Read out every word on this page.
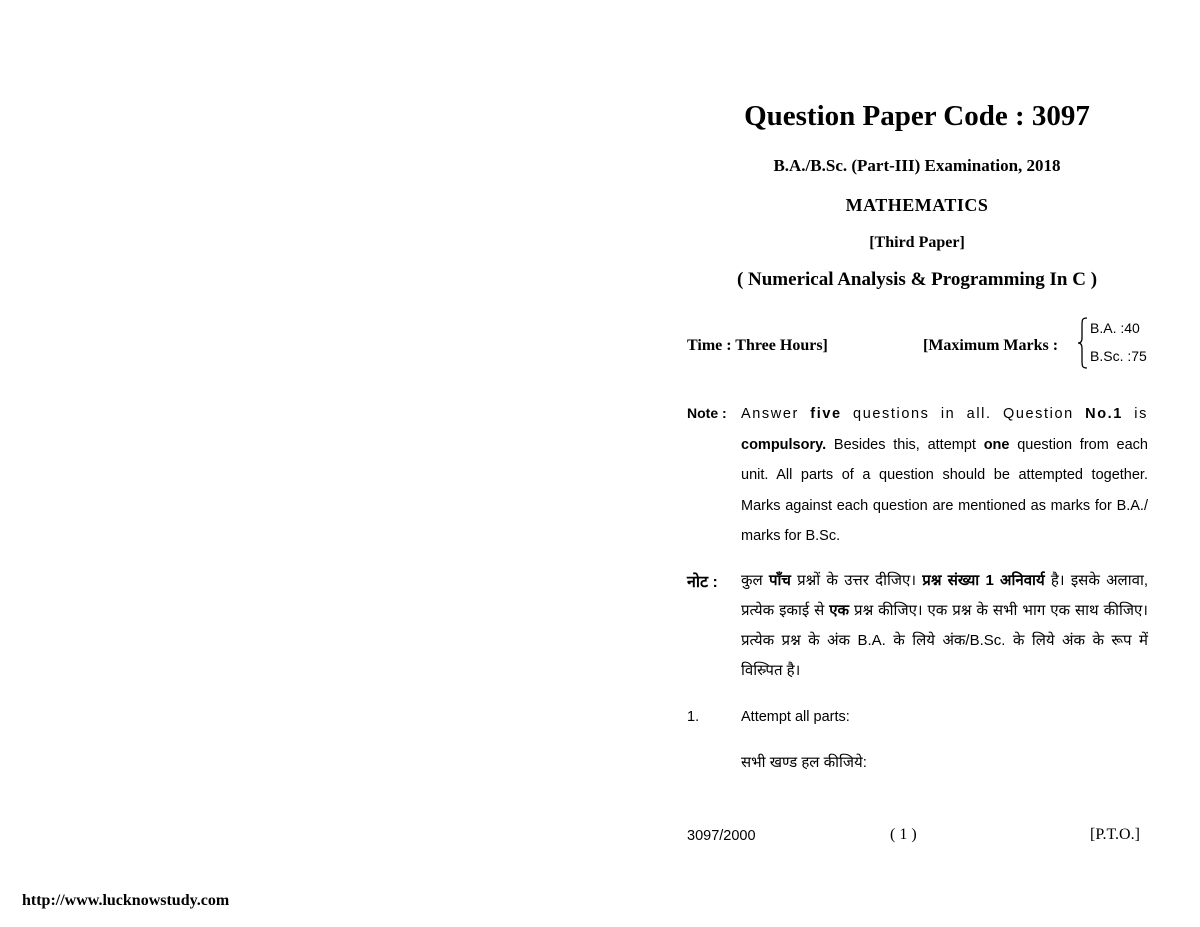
Question Paper Code : 3097
B.A./B.Sc. (Part-III) Examination, 2018
MATHEMATICS
[Third Paper]
( Numerical Analysis & Programming In C )
Time : Three Hours]	[Maximum Marks :
B.A. :40
B.Sc. :75
Note : Answer five questions in all. Question No.1 is compulsory. Besides this, attempt one question from each unit. All parts of a question should be attempted together. Marks against each question are mentioned as marks for B.A./ marks for B.Sc.
नोट : कुल पाँच प्रश्नों के उत्तर दीजिए। प्रश्न संख्या 1 अनिवार्य है। इसके अलावा, प्रत्येक इकाई से एक प्रश्न कीजिए। एक प्रश्न के सभी भाग एक साथ कीजिए। प्रत्येक प्रश्न के अंक B.A. के लिये अंक/B.Sc. के लिये अंक के रूप में विस्र्पित है।
1.	Attempt all parts:
सभी खण्ड हल कीजिये:
3097/2000	( 1 )	[P.T.O.]
http://www.lucknowstudy.com
